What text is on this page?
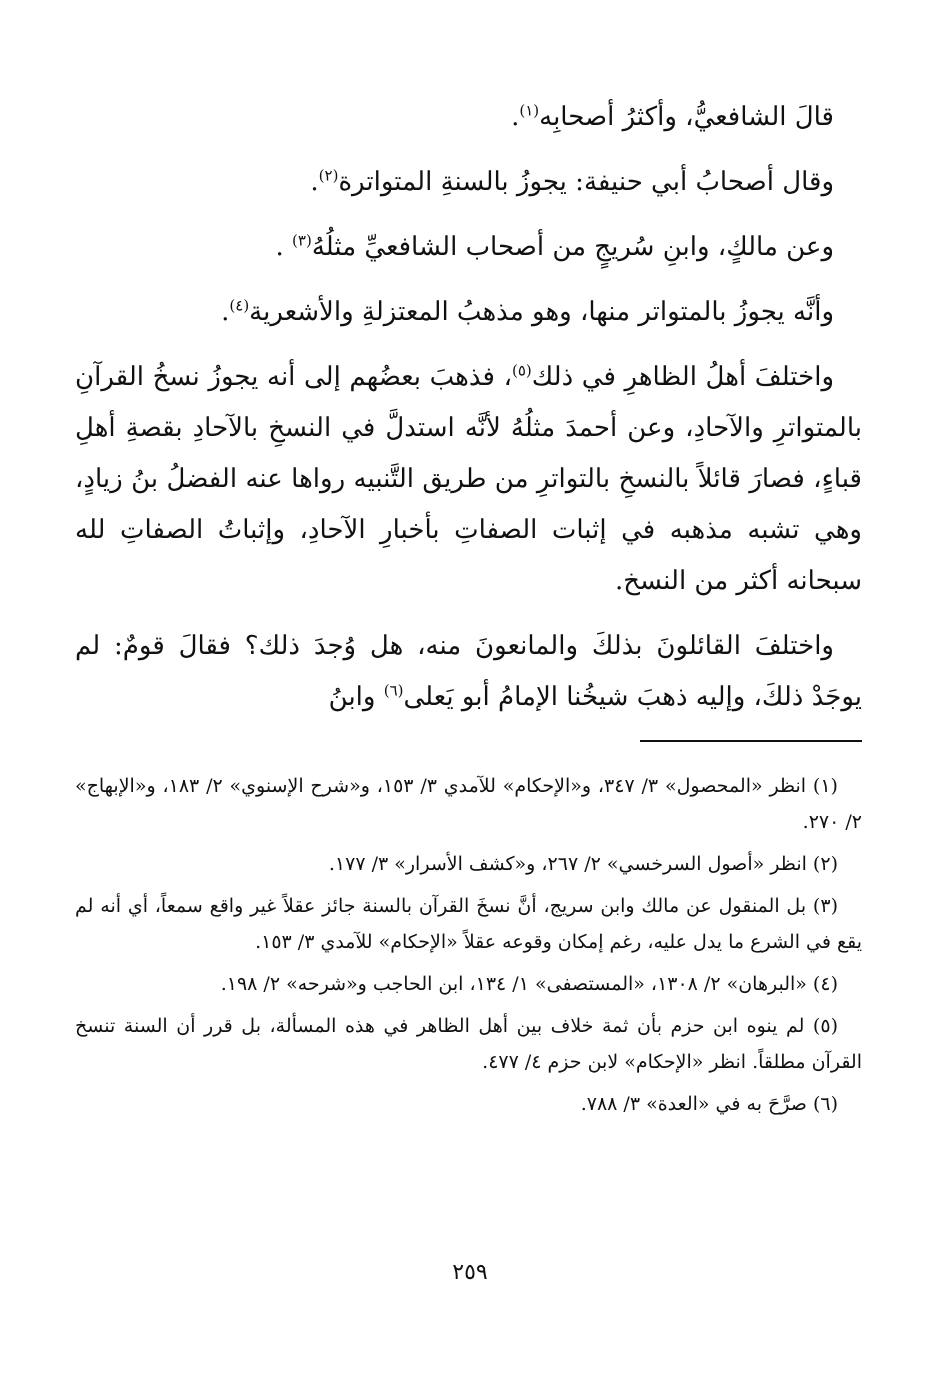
قالَ الشافعيُّ، وأكثرُ أصحابِه$^{(١)}$.

وقال أصحابُ أبي حنيفة: يجوزُ بالسنةِ المتواترة$^{(٢)}$.

وعن مالكٍ، وابنِ سُريجٍ من أصحاب الشافعيِّ مثلُهُ$^{(٣)}$ .

وأنَّه يجوزُ بالمتواتر منها، وهو مذهبُ المعتزلةِ والأشعرية$^{(٤)}$.

واختلفَ أهلُ الظاهرِ في ذلك$^{(٥)}$، فذهبَ بعضُهم إلى أنه يجوزُ نسخُ القرآنِ بالمتواترِ والآحادِ، وعن أحمدَ مثلُهُ لأنَّه استدلَّ في النسخِ بالآحادِ بقصةِ أهلِ قباءٍ، فصارَ قائلاً بالنسخِ بالتواترِ من طريق التَّنبيه رواها عنه الفضلُ بنُ زيادٍ، وهي تشبه مذهبه في إثبات الصفاتِ بأخبارِ الآحادِ، وإثباتُ الصفاتِ لله سبحانه أكثر من النسخ.

واختلفَ القائلونَ بذلكَ والمانعونَ منه، هل وُجدَ ذلك؟ فقالَ قومٌ: لم يوجَدْ ذلكَ، وإليه ذهبَ شيخُنا الإمامُ أبو يَعلى$^{(٦)}$ وابنُ

(١) انظر «المحصول» ٣/ ٣٤٧، و«الإحكام» للآمدي ٣/ ١٥٣، و«شرح الإسنوي» ٢/ ١٨٣، و«الإبهاج» ٢/ ٢٧٠.

(٢) انظر «أصول السرخسي» ٢/ ٢٦٧، و«كشف الأسرار» ٣/ ١٧٧.

(٣) بل المنقول عن مالك وابن سريج، أنَّ نسخَ القرآن بالسنة جائز عقلاً غير واقع سمعاً، أي أنه لم يقع في الشرع ما يدل عليه، رغم إمكان وقوعه عقلاً «الإحكام» للآمدي ٣/ ١٥٣.

(٤) «البرهان» ٢/ ١٣٠٨، «المستصفى» ١/ ١٣٤، ابن الحاجب و«شرحه» ٢/ ١٩٨.

(٥) لم ينوه ابن حزم بأن ثمة خلاف بين أهل الظاهر في هذه المسألة، بل قرر أن السنة تنسخ القرآن مطلقاً. انظر «الإحكام» لابن حزم ٤/ ٤٧٧.

(٦) صرَّحَ به في «العدة» ٣/ ٧٨٨.

٢٥٩
